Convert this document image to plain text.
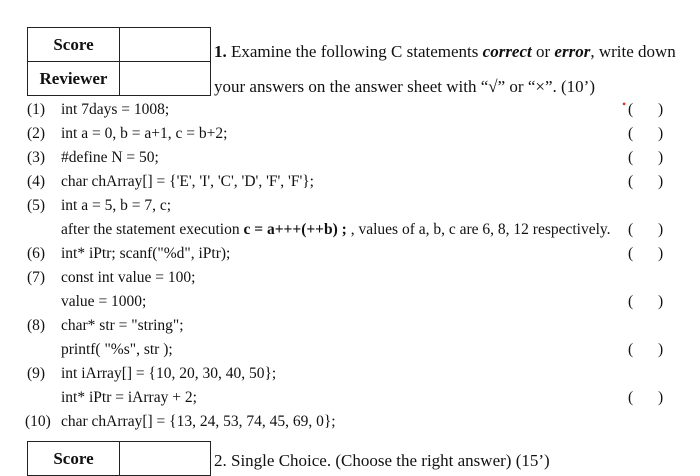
Score	
Reviewer	
1. Examine the following C statements correct or error, write down your answers on the answer sheet with “√” or “×”. (10’)
(1) int 7days = 1008;	• ( )
(2) int a = 0, b = a+1, c = b+2;	( )
(3) #define N = 50;	( )
(4) char chArray[] = {'E', 'I', 'C', 'D', 'F', 'F'};	( )
(5) int a = 5, b = 7, c;
after the statement execution c = a+++(++b) ; , values of a, b, c are 6, 8, 12 respectively. ( )
(6) int* iPtr; scanf("%d", iPtr);	( )
(7) const int value = 100;
value = 1000;	( )
(8) char* str = "string";
printf( "%s", str );	( )
(9) int iArray[] = {10, 20, 30, 40, 50};
int* iPtr = iArray + 2;	( )
(10) char chArray[] = {13, 24, 53, 74, 45, 69, 0};
Score		2. Single Choice. (Choose the right answer) (15’)
